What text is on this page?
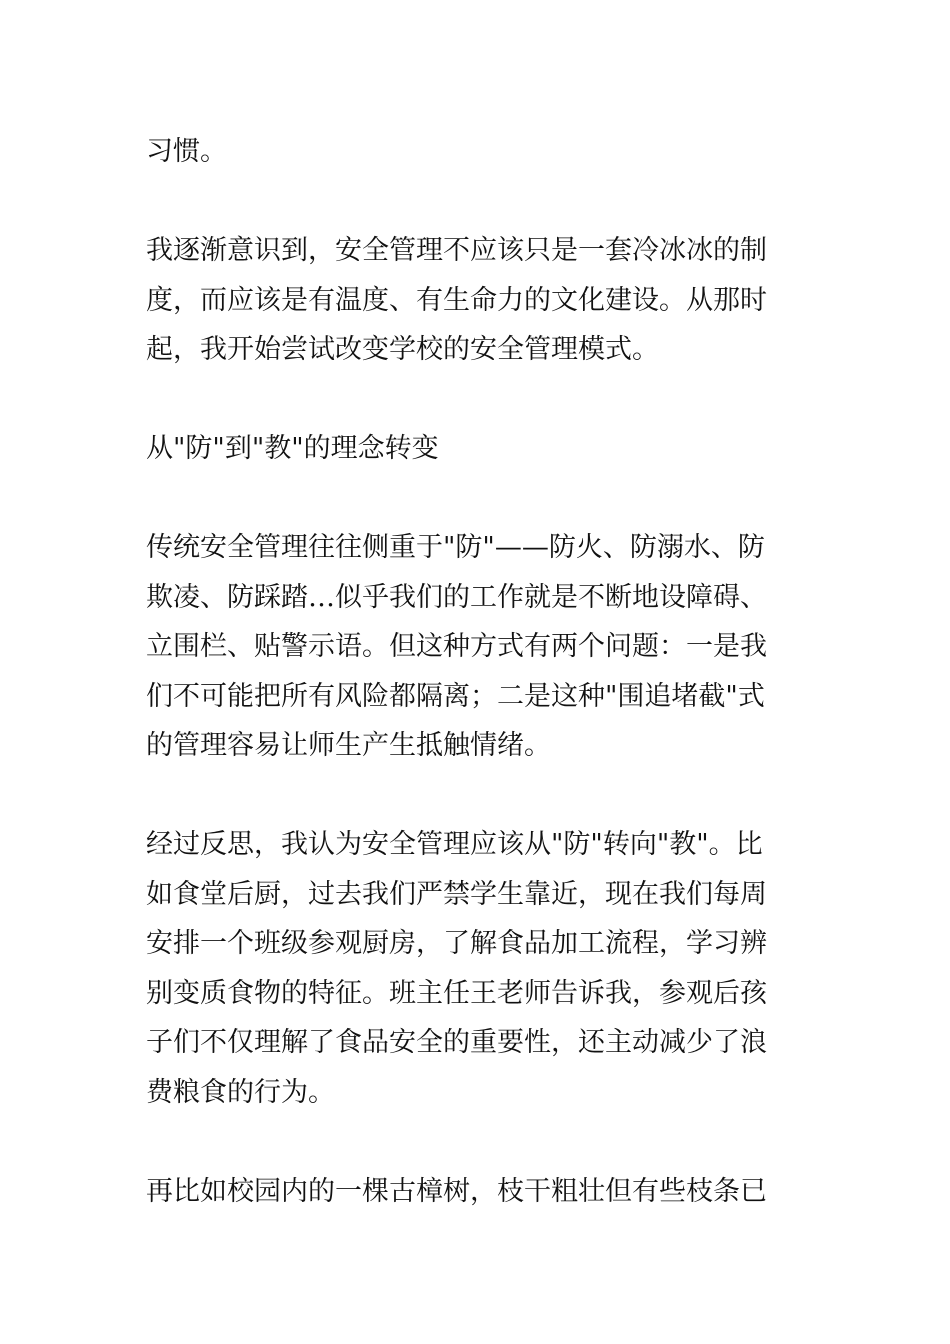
习惯。

我逐渐意识到，安全管理不应该只是一套冷冰冰的制
度，而应该是有温度、有生命力的文化建设。从那时
起，我开始尝试改变学校的安全管理模式。

从"防"到"教"的理念转变

传统安全管理往往侧重于"防"——防火、防溺水、防
欺凌、防踩踏…似乎我们的工作就是不断地设障碍、
立围栏、贴警示语。但这种方式有两个问题：一是我
们不可能把所有风险都隔离；二是这种"围追堵截"式
的管理容易让师生产生抵触情绪。

经过反思，我认为安全管理应该从"防"转向"教"。比
如食堂后厨，过去我们严禁学生靠近，现在我们每周
安排一个班级参观厨房，了解食品加工流程，学习辨
别变质食物的特征。班主任王老师告诉我，参观后孩
子们不仅理解了食品安全的重要性，还主动减少了浪
费粮食的行为。

再比如校园内的一棵古樟树，枝干粗壮但有些枝条已
